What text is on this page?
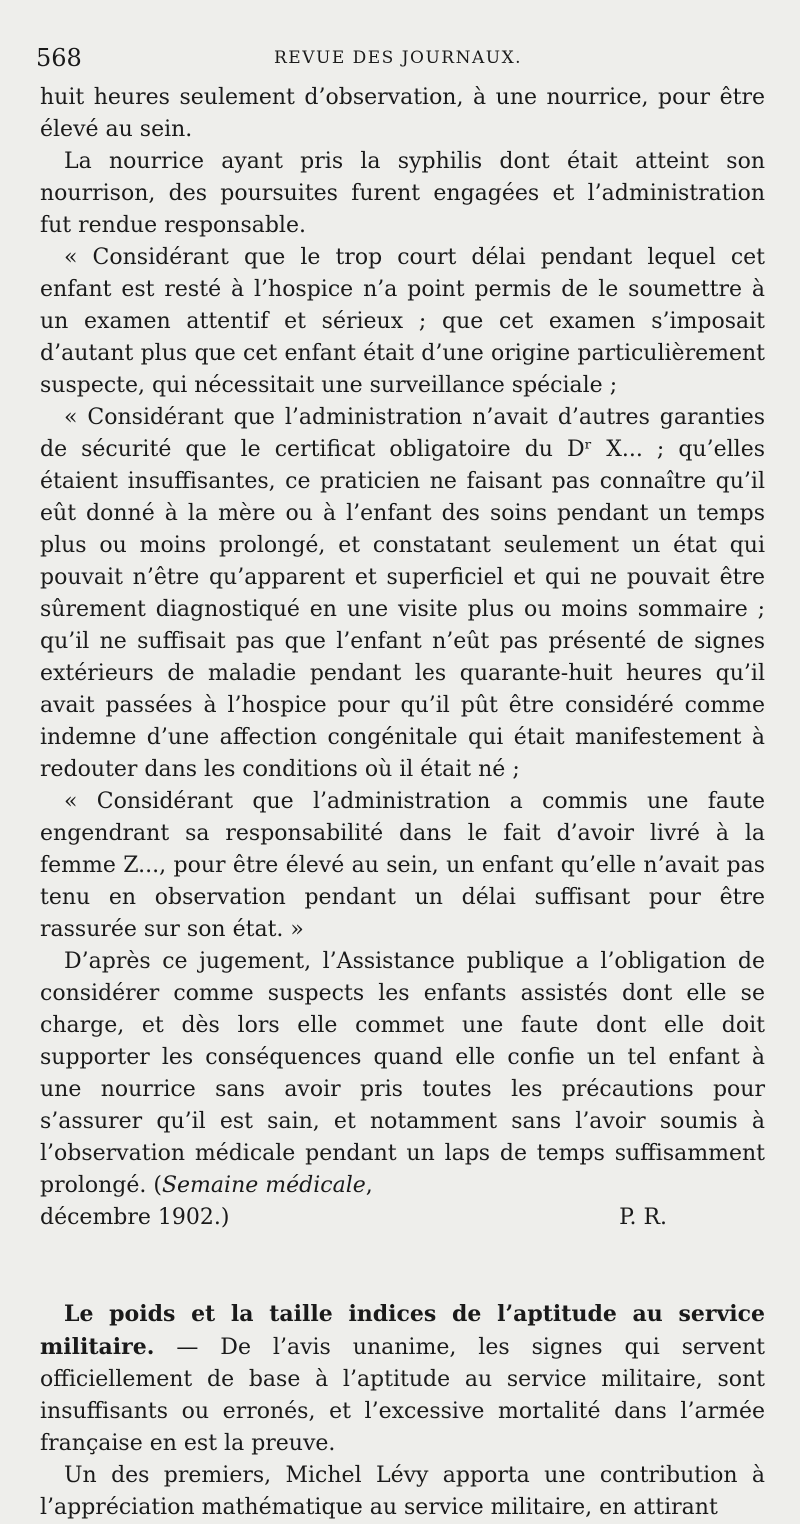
568	REVUE DES JOURNAUX.

huit heures seulement d’observation, à une nourrice, pour être élevé au sein.

La nourrice ayant pris la syphilis dont était atteint son nourrison, des poursuites furent engagées et l’administration fut rendue responsable.

« Considérant que le trop court délai pendant lequel cet enfant est resté à l’hospice n’a point permis de le soumettre à un examen attentif et sérieux ; que cet examen s’imposait d’autant plus que cet enfant était d’une origine particulièrement suspecte, qui nécessitait une surveillance spéciale ;

« Considérant que l’administration n’avait d’autres garanties de sécurité que le certificat obligatoire du Dʳ X... ; qu’elles étaient insuffisantes, ce praticien ne faisant pas connaître qu’il eût donné à la mère ou à l’enfant des soins pendant un temps plus ou moins prolongé, et constatant seulement un état qui pouvait n’être qu’apparent et superficiel et qui ne pouvait être sûrement diagnostiqué en une visite plus ou moins sommaire ; qu’il ne suffisait pas que l’enfant n’eût pas présenté de signes extérieurs de maladie pendant les quarante-huit heures qu’il avait passées à l’hospice pour qu’il pût être considéré comme indemne d’une affection congénitale qui était manifestement à redouter dans les conditions où il était né ;

« Considérant que l’administration a commis une faute engendrant sa responsabilité dans le fait d’avoir livré à la femme Z..., pour être élevé au sein, un enfant qu’elle n’avait pas tenu en observation pendant un délai suffisant pour être rassurée sur son état. »

D’après ce jugement, l’Assistance publique a l’obligation de considérer comme suspects les enfants assistés dont elle se charge, et dès lors elle commet une faute dont elle doit supporter les conséquences quand elle confie un tel enfant à une nourrice sans avoir pris toutes les précautions pour s’assurer qu’il est sain, et notamment sans l’avoir soumis à l’observation médicale pendant un laps de temps suffisamment prolongé. (Semaine médicale,

décembre 1902.)	P. R.

Le poids et la taille indices de l’aptitude au service militaire. — De l’avis unanime, les signes qui servent officiellement de base à l’aptitude au service militaire, sont insuffisants ou erronés, et l’excessive mortalité dans l’armée française en est la preuve.

Un des premiers, Michel Lévy apporta une contribution à l’appréciation mathématique au service militaire, en attirant
